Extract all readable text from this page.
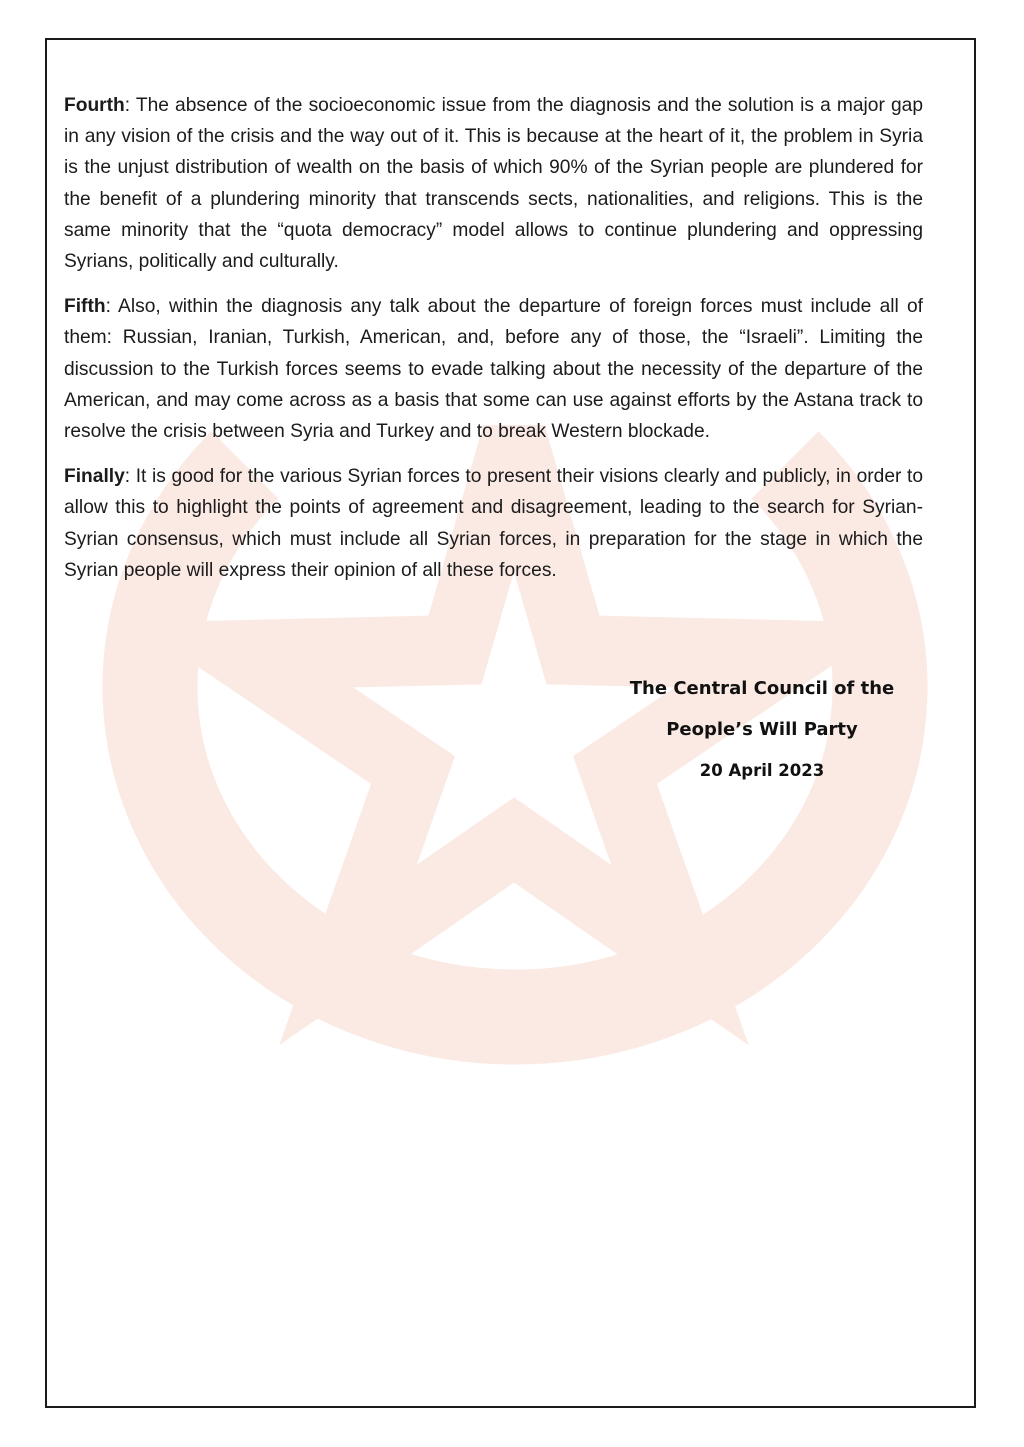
Fourth: The absence of the socioeconomic issue from the diagnosis and the solution is a major gap in any vision of the crisis and the way out of it. This is because at the heart of it, the problem in Syria is the unjust distribution of wealth on the basis of which 90% of the Syrian people are plundered for the benefit of a plundering minority that transcends sects, nationalities, and religions. This is the same minority that the “quota democracy” model allows to continue plundering and oppressing Syrians, politically and culturally.

Fifth: Also, within the diagnosis any talk about the departure of foreign forces must include all of them: Russian, Iranian, Turkish, American, and, before any of those, the “Israeli”. Limiting the discussion to the Turkish forces seems to evade talking about the necessity of the departure of the American, and may come across as a basis that some can use against efforts by the Astana track to resolve the crisis between Syria and Turkey and to break Western blockade.

Finally: It is good for the various Syrian forces to present their visions clearly and publicly, in order to allow this to highlight the points of agreement and disagreement, leading to the search for Syrian-Syrian consensus, which must include all Syrian forces, in preparation for the stage in which the Syrian people will express their opinion of all these forces.

The Central Council of the
People’s Will Party
20 April 2023
